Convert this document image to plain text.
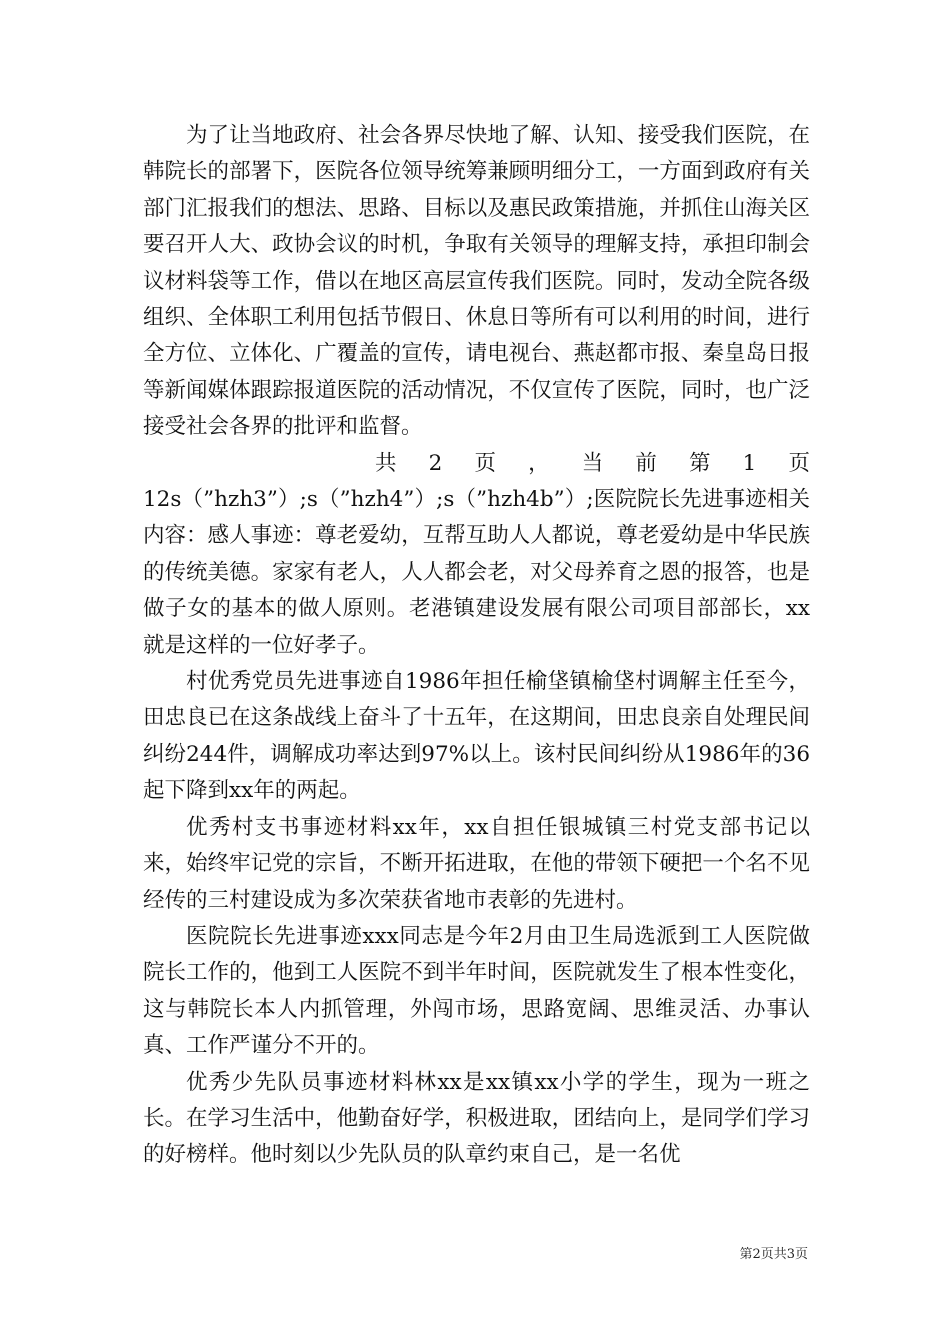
为了让当地政府、社会各界尽快地了解、认知、接受我们医院，在韩院长的部署下，医院各位领导统筹兼顾明细分工，一方面到政府有关部门汇报我们的想法、思路、目标以及惠民政策措施，并抓住山海关区要召开人大、政协会议的时机，争取有关领导的理解支持，承担印制会议材料袋等工作，借以在地区高层宣传我们医院。同时，发动全院各级组织、全体职工利用包括节假日、休息日等所有可以利用的时间，进行全方位、立体化、广覆盖的宣传，请电视台、燕赵都市报、秦皇岛日报等新闻媒体跟踪报道医院的活动情况，不仅宣传了医院，同时，也广泛接受社会各界的批评和监督。

共 2 页 ， 当 前 第 1 页

12s（”hzh3”）;s（”hzh4”）;s（”hzh4b”）;医院院长先进事迹相关内容：感人事迹：尊老爱幼，互帮互助人人都说，尊老爱幼是中华民族的传统美德。家家有老人，人人都会老，对父母养育之恩的报答，也是做子女的基本的做人原则。老港镇建设发展有限公司项目部部长，xx就是这样的一位好孝子。

村优秀党员先进事迹自1986年担任榆垡镇榆垡村调解主任至今，田忠良已在这条战线上奋斗了十五年，在这期间，田忠良亲自处理民间纠纷244件，调解成功率达到97%以上。该村民间纠纷从1986年的36起下降到xx年的两起。

优秀村支书事迹材料xx年，xx自担任银城镇三村党支部书记以来，始终牢记党的宗旨，不断开拓进取，在他的带领下硬把一个名不见经传的三村建设成为多次荣获省地市表彰的先进村。

医院院长先进事迹xxx同志是今年2月由卫生局选派到工人医院做院长工作的，他到工人医院不到半年时间，医院就发生了根本性变化，这与韩院长本人内抓管理，外闯市场，思路宽阔、思维灵活、办事认真、工作严谨分不开的。

优秀少先队员事迹材料林xx是xx镇xx小学的学生，现为一班之长。在学习生活中，他勤奋好学，积极进取，团结向上，是同学们学习的好榜样。他时刻以少先队员的队章约束自己，是一名优

第2页共3页
